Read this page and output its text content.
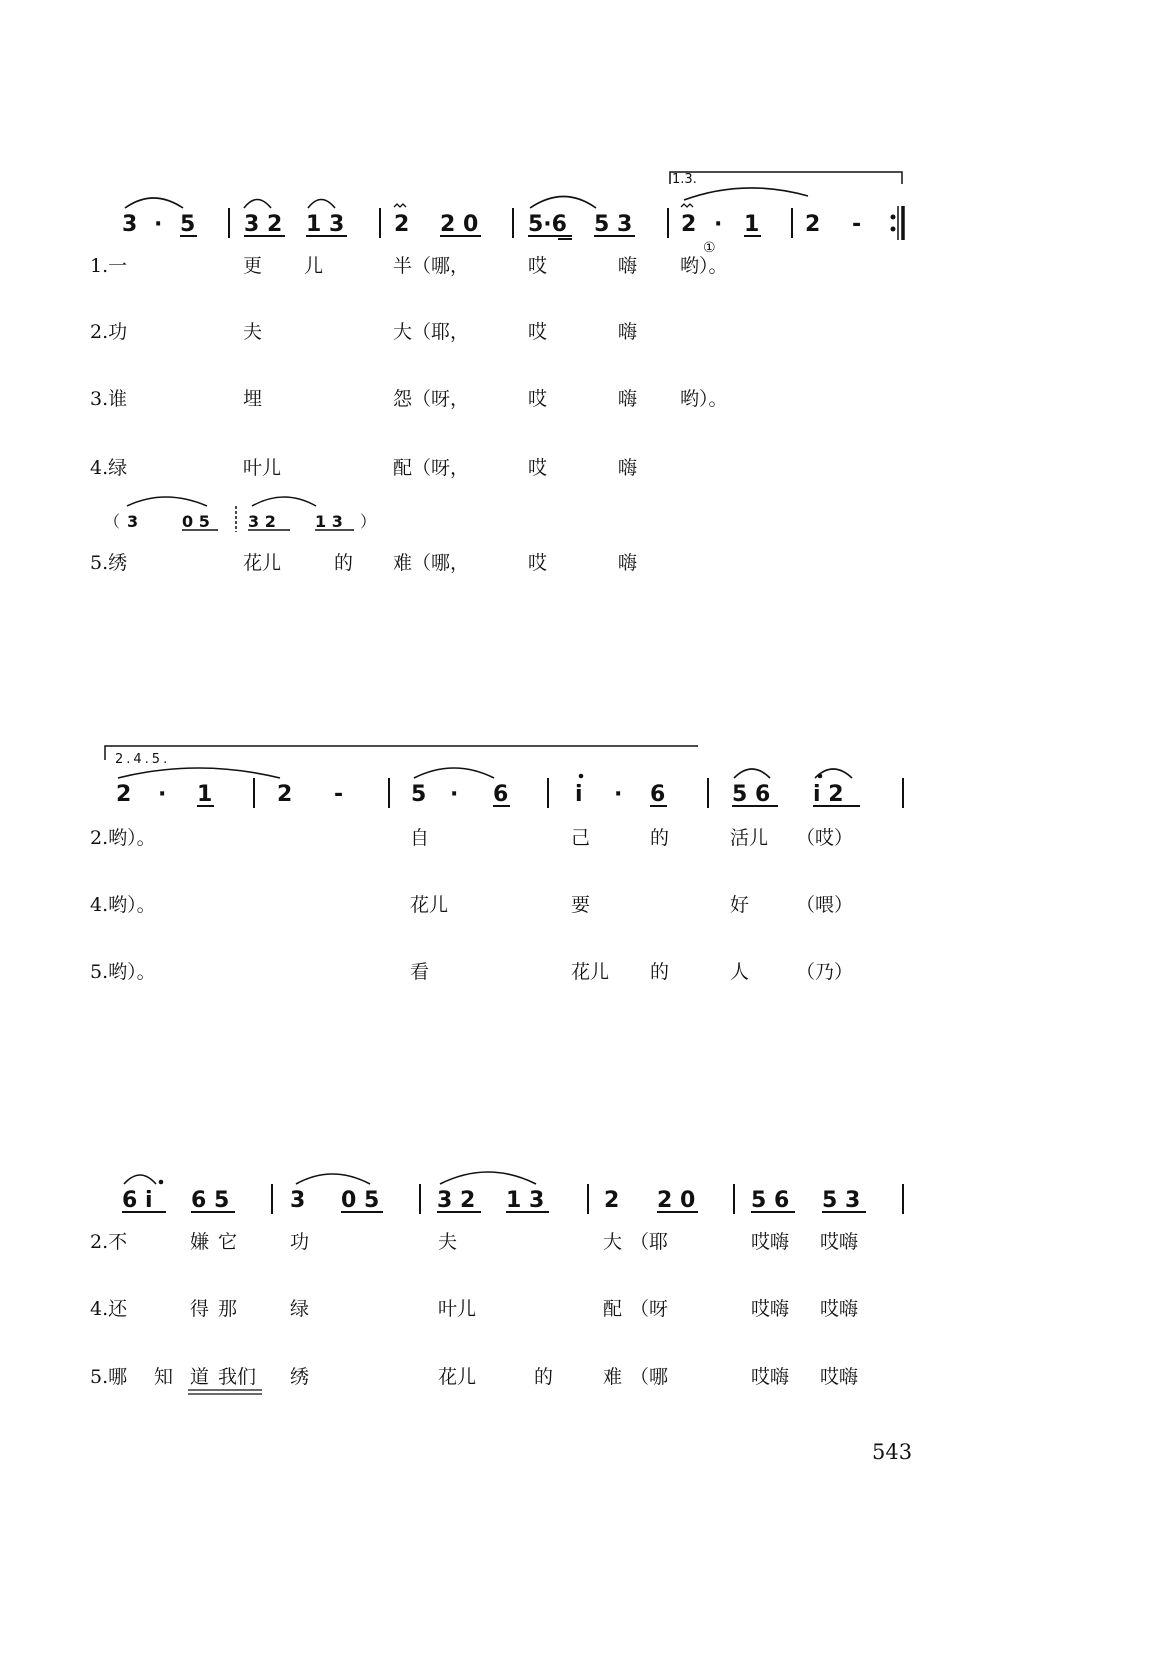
1.3.
3 · 5 3 2 1 3 2 2 0 5·6 5 3 2 · 1 2 -
①
1.一	更 儿	半（哪，	哎	嗨 哟）。
2.功	夫	大（耶，	哎	嗨
3.谁	埋	怨（呀，	哎	嗨 哟）。
4.绿	叶儿	配（呀，	哎	嗨
（ 3	0 5 3 2 1 3 ）
5.绣	花儿	的 难（哪，	哎	嗨
2.4.5.
2 · 1	2 -	5 · 6	i · 6	5 6 i 2
2.哟）。	自	己	的	活儿 （哎）
4.哟）。	花儿	要	好 （喂）
5.哟）。	看	花儿 的	人 （乃）
6 i 6 5	3 0 5	3 2 1 3	2 2 0	5 6 5 3
2.不	嫌 它	功	夫	大 （耶	哎嗨 哎嗨
4.还	得 那	绿	叶儿	配 （呀	哎嗨 哎嗨
5.哪 知 道 我们 绣	花儿	的	难 （哪	哎嗨 哎嗨
543
